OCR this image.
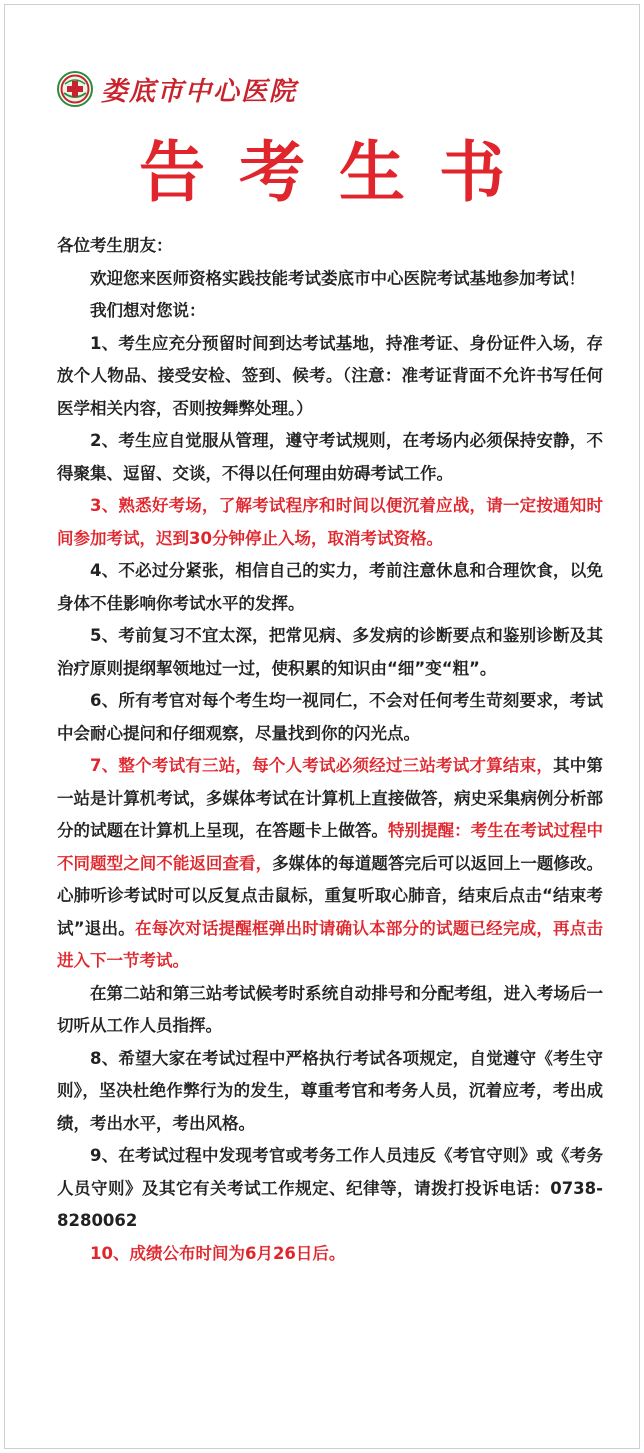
娄底市中心医院
告考生书

各位考生朋友：

欢迎您来医师资格实践技能考试娄底市中心医院考试基地参加考试！

我们想对您说：

1、考生应充分预留时间到达考试基地，持准考证、身份证件入场，存放个人物品、接受安检、签到、候考。（注意：准考证背面不允许书写任何医学相关内容，否则按舞弊处理。）

2、考生应自觉服从管理，遵守考试规则，在考场内必须保持安静，不得聚集、逗留、交谈，不得以任何理由妨碍考试工作。

3、熟悉好考场，了解考试程序和时间以便沉着应战，请一定按通知时间参加考试，迟到30分钟停止入场，取消考试资格。

4、不必过分紧张，相信自己的实力，考前注意休息和合理饮食，以免身体不佳影响你考试水平的发挥。

5、考前复习不宜太深，把常见病、多发病的诊断要点和鉴别诊断及其治疗原则提纲挈领地过一过，使积累的知识由“细”变“粗”。

6、所有考官对每个考生均一视同仁，不会对任何考生苛刻要求，考试中会耐心提问和仔细观察，尽量找到你的闪光点。

7、整个考试有三站，每个人考试必须经过三站考试才算结束，其中第一站是计算机考试，多媒体考试在计算机上直接做答，病史采集病例分析部分的试题在计算机上呈现，在答题卡上做答。特别提醒：考生在考试过程中不同题型之间不能返回查看，多媒体的每道题答完后可以返回上一题修改。心肺听诊考试时可以反复点击鼠标，重复听取心肺音，结束后点击“结束考试”退出。在每次对话提醒框弹出时请确认本部分的试题已经完成，再点击进入下一节考试。

在第二站和第三站考试候考时系统自动排号和分配考组，进入考场后一切听从工作人员指挥。

8、希望大家在考试过程中严格执行考试各项规定，自觉遵守《考生守则》，坚决杜绝作弊行为的发生，尊重考官和考务人员，沉着应考，考出成绩，考出水平，考出风格。

9、在考试过程中发现考官或考务工作人员违反《考官守则》或《考务人员守则》及其它有关考试工作规定、纪律等，请拨打投诉电话：0738- 8280062

10、成绩公布时间为6月26日后。
